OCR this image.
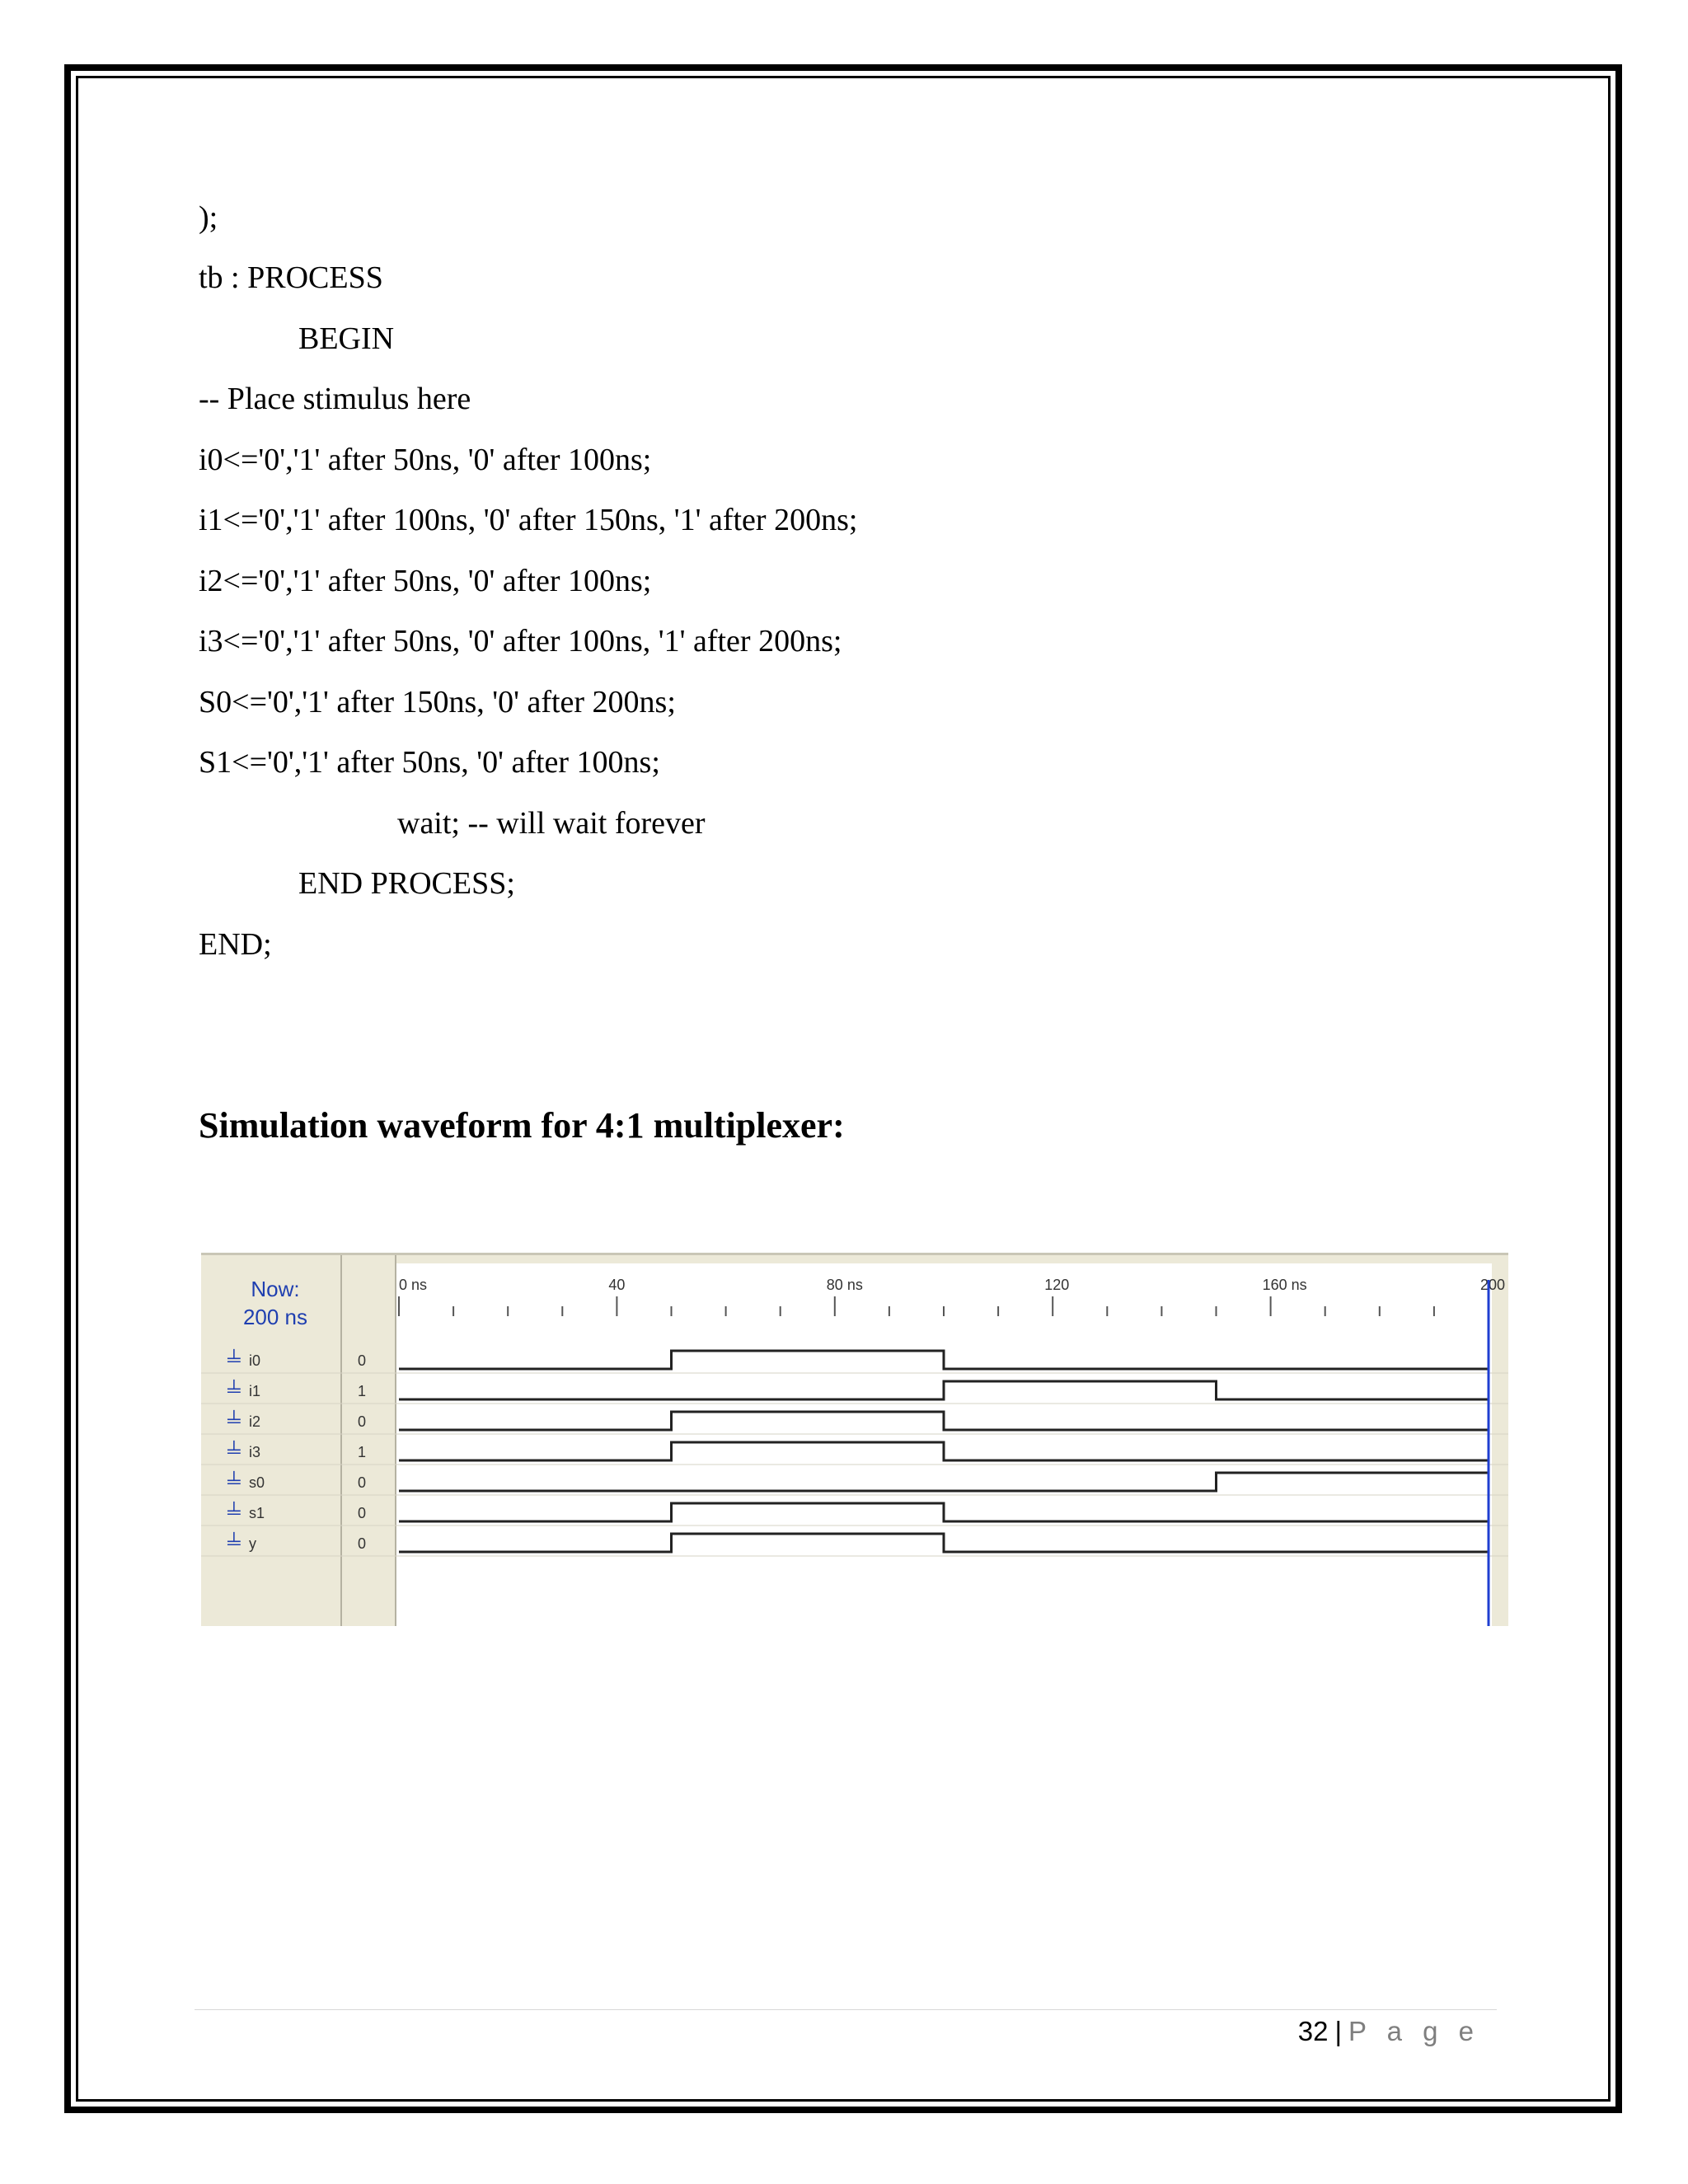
);
tb : PROCESS
BEGIN
-- Place stimulus here
i0<='0','1' after 50ns, '0' after 100ns;
i1<='0','1' after 100ns, '0' after 150ns, '1' after 200ns;
i2<='0','1' after 50ns, '0' after 100ns;
i3<='0','1' after 50ns, '0' after 100ns, '1' after 200ns;
S0<='0','1' after 150ns, '0' after 200ns;
S1<='0','1' after 50ns, '0' after 100ns;
wait; -- will wait forever
END PROCESS;
END;
Simulation waveform for 4:1 multiplexer:
Now:
200 ns
0 ns	40	80 ns	120	160 ns	200
╧ i0	0
╧ i1	1
╧ i2	0
╧ i3	1
╧ s0	0
╧ s1	0
╧ y	0
32 | P a g e
